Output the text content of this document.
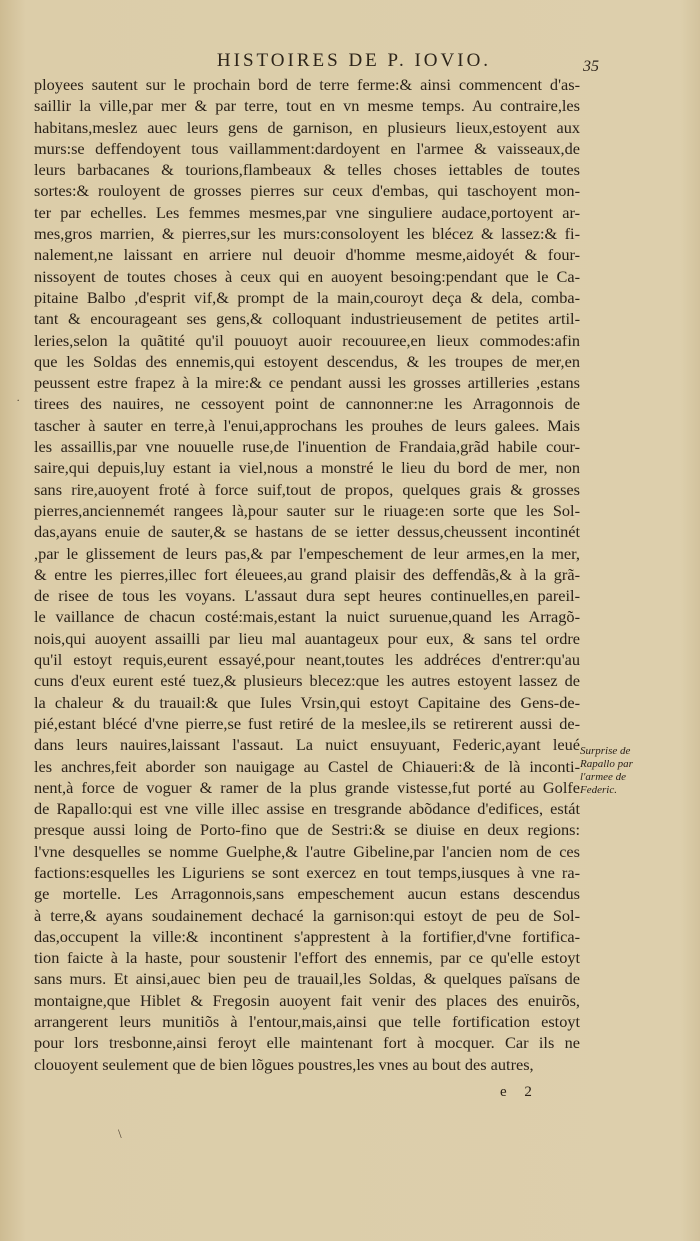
HISTOIRES DE P. IOVIO.	35
ployees sautent sur le prochain bord de terre ferme:& ainsi commencent d'as-
saillir la ville,par mer & par terre, tout en vn mesme temps. Au contraire,les
habitans,meslez auec leurs gens de garnison, en plusieurs lieux,estoyent aux
murs:se deffendoyent tous vaillamment:dardoyent en l'armee & vaisseaux,de
leurs barbacanes & tourions,flambeaux & telles choses iettables de toutes
sortes:& rouloyent de grosses pierres sur ceux d'embas, qui taschoyent mon-
ter par echelles. Les femmes mesmes,par vne singuliere audace,portoyent ar-
mes,gros marrien, & pierres,sur les murs:consoloyent les blécez & lassez:& fi-
nalement,ne laissant en arriere nul deuoir d'homme mesme,aidoyét & four-
nissoyent de toutes choses à ceux qui en auoyent besoing:pendant que le Ca-
pitaine Balbo ,d'esprit vif,& prompt de la main,couroyt deça & dela, comba-
tant & encourageant ses gens,& colloquant industrieusement de petites artil-
leries,selon la quãtité qu'il pouuoyt auoir recouuree,en lieux commodes:afin
que les Soldas des ennemis,qui estoyent descendus, & les troupes de mer,en
peussent estre frapez à la mire:& ce pendant aussi les grosses artilleries ,estans
tirees des nauires, ne cessoyent point de cannonner:ne les Arragonnois de
tascher à sauter en terre,à l'enui,approchans les prouhes de leurs galees. Mais
les assaillis,par vne nouuelle ruse,de l'inuention de Frandaia,grãd habile cour-
saire,qui depuis,luy estant ia viel,nous a monstré le lieu du bord de mer, non
sans rire,auoyent froté à force suif,tout de propos, quelques grais & grosses
pierres,anciennemét rangees là,pour sauter sur le riuage:en sorte que les Sol-
das,ayans enuie de sauter,& se hastans de se ietter dessus,cheussent incontinét
,par le glissement de leurs pas,& par l'empeschement de leur armes,en la mer,
& entre les pierres,illec fort éleuees,au grand plaisir des deffendãs,& à la grã-
de risee de tous les voyans. L'assaut dura sept heures continuelles,en pareil-
le vaillance de chacun costé:mais,estant la nuict suruenue,quand les Arragõ-
nois,qui auoyent assailli par lieu mal auantageux pour eux, & sans tel ordre
qu'il estoyt requis,eurent essayé,pour neant,toutes les addréces d'entrer:qu'au
cuns d'eux eurent esté tuez,& plusieurs blecez:que les autres estoyent lassez de
la chaleur & du trauail:& que Iules Vrsin,qui estoyt Capitaine des Gens-de-
pié,estant blécé d'vne pierre,se fust retiré de la meslee,ils se retirerent aussi de-
dans leurs nauires,laissant l'assaut. La nuict ensuyuant, Federic,ayant leué
les anchres,feit aborder son nauigage au Castel de Chiaueri:& de là inconti-
nent,à force de voguer & ramer de la plus grande vistesse,fut porté au Golfe
de Rapallo:qui est vne ville illec assise en tresgrande abõdance d'edifices, estát
presque aussi loing de Porto-fino que de Sestri:& se diuise en deux regions:
l'vne desquelles se nomme Guelphe,& l'autre Gibeline,par l'ancien nom de ces
factions:esquelles les Liguriens se sont exercez en tout temps,iusques à vne ra-
ge mortelle. Les Arragonnois,sans empeschement aucun estans descendus
à terre,& ayans soudainement dechacé la garnison:qui estoyt de peu de Sol-
das,occupent la ville:& incontinent s'apprestent à la fortifier,d'vne fortifica-
tion faicte à la haste, pour soustenir l'effort des ennemis, par ce qu'elle estoyt
sans murs. Et ainsi,auec bien peu de trauail,les Soldas, & quelques païsans de
montaigne,que Hiblet & Fregosin auoyent fait venir des places des enuirõs,
arrangerent leurs munitiõs à l'entour,mais,ainsi que telle fortification estoyt
pour lors tresbonne,ainsi feroyt elle maintenant fort à mocquer. Car ils ne
clouoyent seulement que de bien lõgues poustres,les vnes au bout des autres,
Surprise de
Rapallo par
l'armee de
Federic.
˙
\
e 2
